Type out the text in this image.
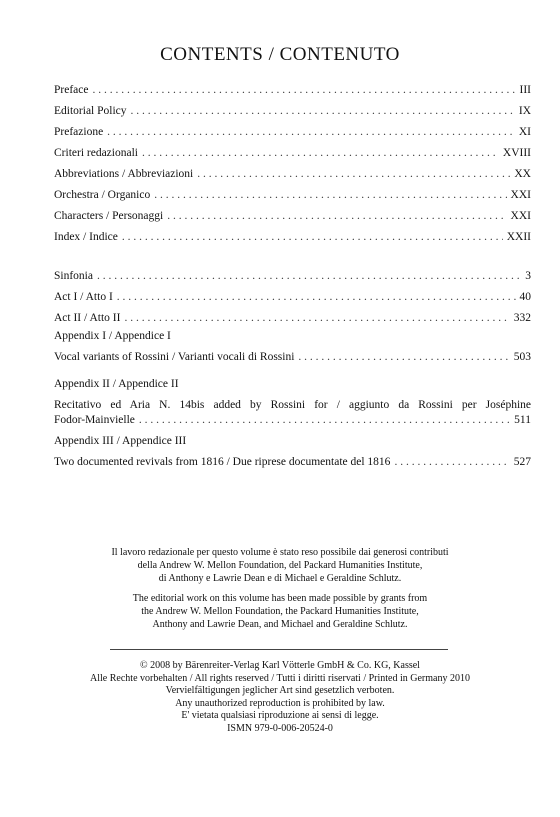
CONTENTS / CONTENUTO
Preface . . .	III
Editorial Policy . . .	IX
Prefazione . . .	XI
Criteri redazionali . . .	XVIII
Abbreviations / Abbreviazioni . . .	XX
Orchestra / Organico . . .	XXI
Characters / Personaggi . . .	XXI
Index / Indice . . .	XXII
Sinfonia . . .	3
Act I / Atto I . . .	40
Act II / Atto II . . .	332
Appendix I / Appendice I
Vocal variants of Rossini / Varianti vocali di Rossini . . .	503
Appendix II / Appendice II
Recitativo ed Aria N. 14bis added by Rossini for / aggiunto da Rossini per Joséphine
Fodor-Mainvielle . . .	511
Appendix III / Appendice III
Two documented revivals from 1816 / Due riprese documentate del 1816 . . .	527
Il lavoro redazionale per questo volume è stato reso possibile dai generosi contributi
della Andrew W. Mellon Foundation, del Packard Humanities Institute,
di Anthony e Lawrie Dean e di Michael e Geraldine Schlutz.
The editorial work on this volume has been made possible by grants from
the Andrew W. Mellon Foundation, the Packard Humanities Institute,
Anthony and Lawrie Dean, and Michael and Geraldine Schlutz.
© 2008 by Bärenreiter-Verlag Karl Vötterle GmbH & Co. KG, Kassel
Alle Rechte vorbehalten / All rights reserved / Tutti i diritti riservati / Printed in Germany 2010
Vervielfältigungen jeglicher Art sind gesetzlich verboten.
Any unauthorized reproduction is prohibited by law.
E' vietata qualsiasi riproduzione ai sensi di legge.
ISMN 979-0-006-20524-0
